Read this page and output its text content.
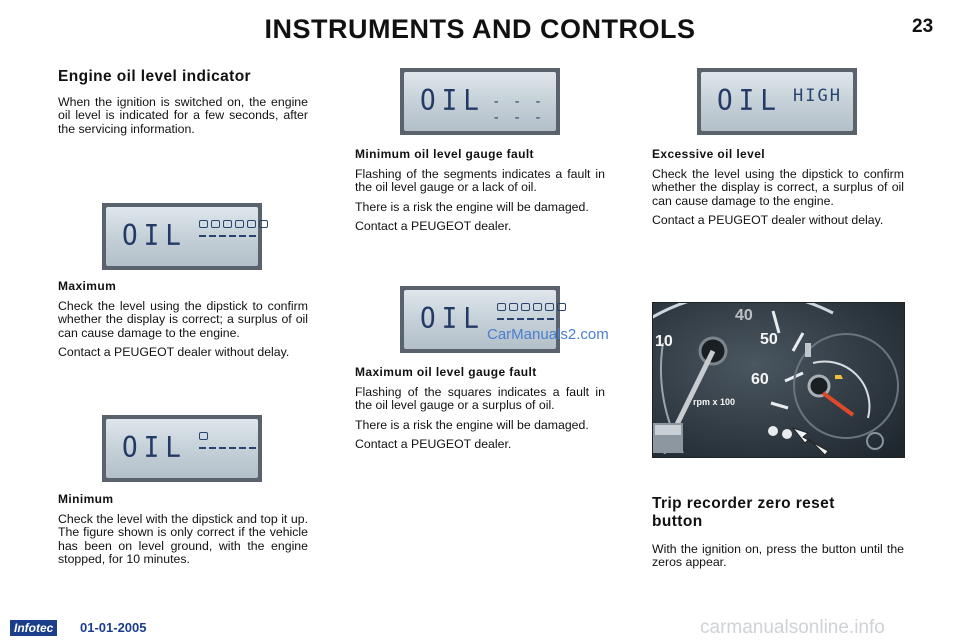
INSTRUMENTS AND CONTROLS	23
Engine oil level indicator

When the ignition is switched on, the engine oil level is indicated for a few seconds, after the servicing information.

OIL
Maximum

Check the level using the dipstick to confirm whether the display is correct; a surplus of oil can cause damage to the engine.

Contact a PEUGEOT dealer without delay.

OIL
Minimum

Check the level with the dipstick and top it up. The figure shown is only correct if the vehicle has been on level ground, with the engine stopped, for 10 minutes.

OIL - - - - - -
Minimum oil level gauge fault

Flashing of the segments indicates a fault in the oil level gauge or a lack of oil.

There is a risk the engine will be damaged.

Contact a PEUGEOT dealer.

OIL CarManuals2.com
Maximum oil level gauge fault

Flashing of the squares indicates a fault in the oil level gauge or a surplus of oil.

There is a risk the engine will be damaged.

Contact a PEUGEOT dealer.

OIL HIGH
Excessive oil level

Check the level using the dipstick to confirm whether the display is correct, a surplus of oil can cause damage to the engine.

Contact a PEUGEOT dealer without delay.

10
40
50
60
rpm x 100
Trip recorder zero reset
button

With the ignition on, press the button until the zeros appear.

Infotec	01-01-2005	carmanualsonline.info
